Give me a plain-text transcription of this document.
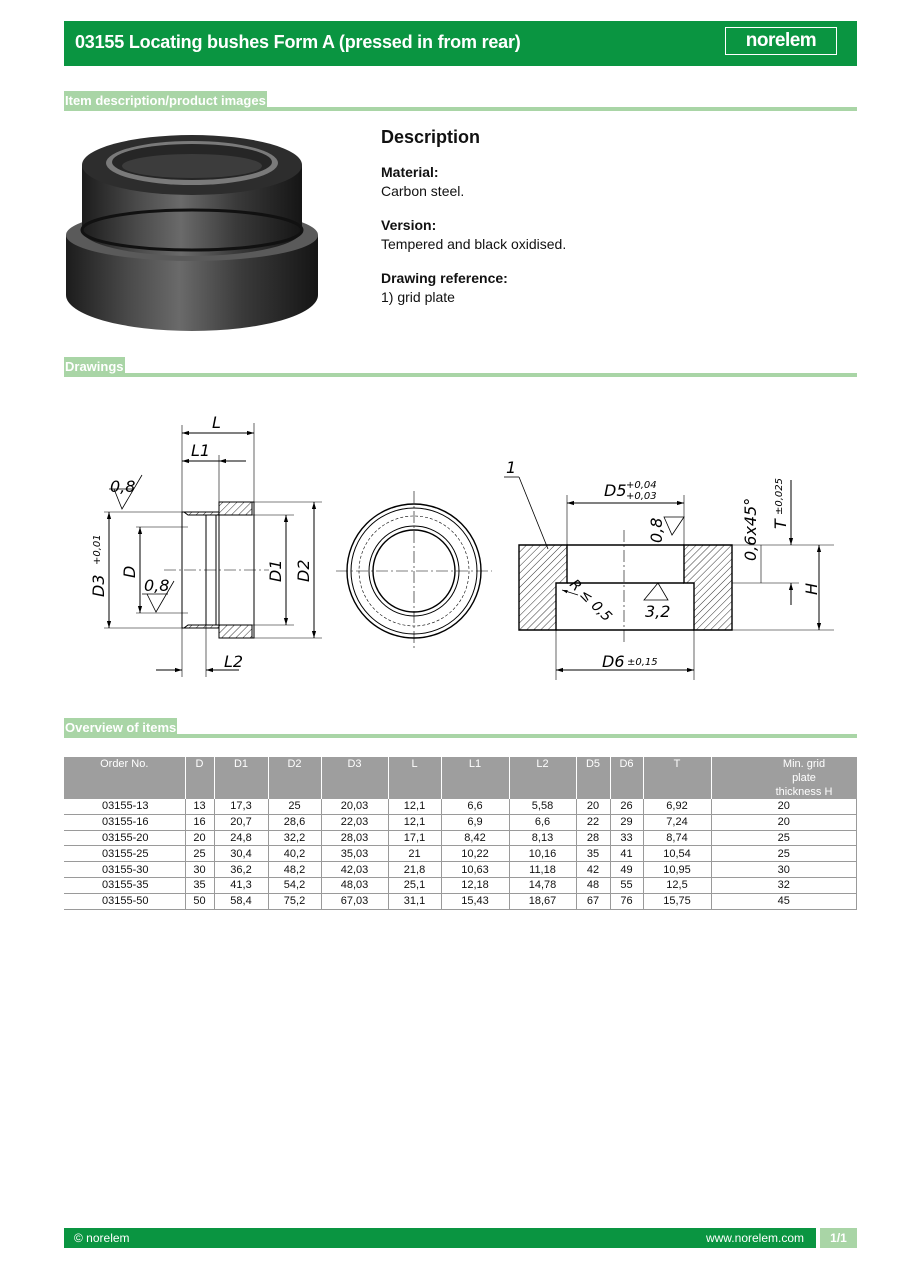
03155 Locating bushes Form A (pressed in from rear)	norelem
Item description/product images
Description
Material:
Carbon steel.
Version:
Tempered and black oxidised.
Drawing reference:
1) grid plate
Drawings
L
L1
L2
0,8
0,8
D3
+0,01
D	D1 D2
1
D5 +0,04
+0,03
0,8
3,2
0,6x45° T
±0,025
H
R ≤ 0,5
D6 ±0,15
Overview of items
Order No.	D	D1	D2	D3	L	L1	L2	D5	D6	T	Min. grid plate thickness H
03155-13	13	17,3	25	20,03	12,1	6,6	5,58	20	26	6,92	20
03155-16	16	20,7	28,6	22,03	12,1	6,9	6,6	22	29	7,24	20
03155-20	20	24,8	32,2	28,03	17,1	8,42	8,13	28	33	8,74	25
03155-25	25	30,4	40,2	35,03	21	10,22	10,16	35	41	10,54	25
03155-30	30	36,2	48,2	42,03	21,8	10,63	11,18	42	49	10,95	30
03155-35	35	41,3	54,2	48,03	25,1	12,18	14,78	48	55	12,5	32
03155-50	50	58,4	75,2	67,03	31,1	15,43	18,67	67	76	15,75	45
© norelem	www.norelem.com	1/1
